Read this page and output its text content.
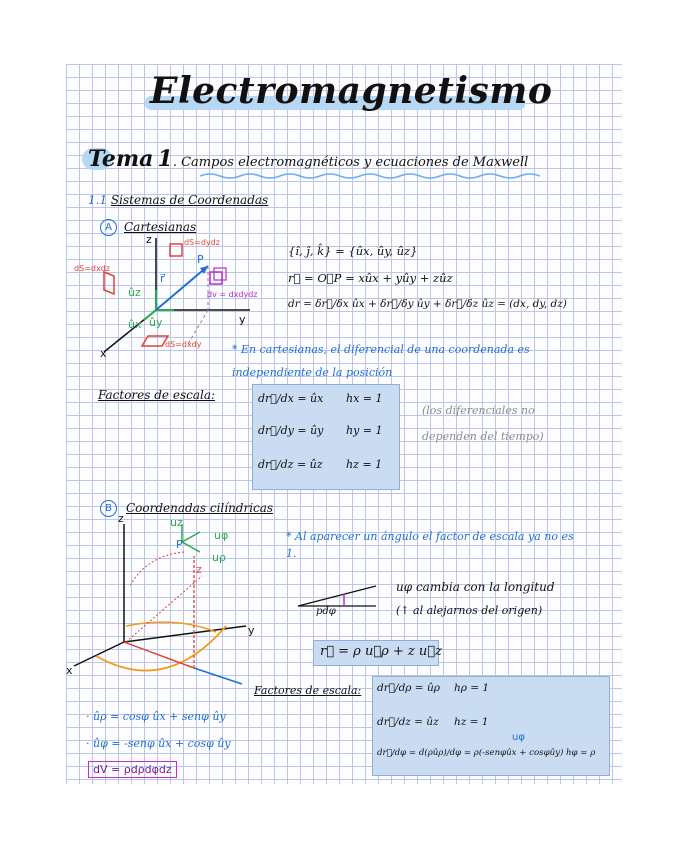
Electromagnetismo
Tema 1. Campos electromagnéticos y ecuaciones de Maxwell
1.1 Sistemas de Coordenadas
A	Cartesianas
z
y
x
ûz
ûy
ûx
r⃗
P
dS=dydz
dS=dxdz
dS=dxdy
dv = dxdydz
{î, ĵ, k̂} = {ûx, ûy, ûz}
r⃗ = O⃗P = xûx + yûy + zûz
dr = δr⃗/δx ûx + δr⃗/δy ûy + δr⃗/δz ûz = (dx, dy, dz)
* En cartesianas, el diferencial de una coordenada es independiente de la posición
Factores de escala:	dr⃗/dx = ûx hx = 1
dr⃗/dy = ûy hy = 1
dr⃗/dz = ûz hz = 1
(los diferenciales no dependen del tiempo)
B	Coordenadas cilíndricas
z
y
x
uz
uφ
uρ
P
z
* Al aparecer un ángulo el factor de escala ya no es 1.
pdφ
uφ cambia con la longitud
(↑ al alejarnos del origen)
r⃗ = ρ u⃗ρ + z u⃗z
Factores de escala: dr⃗/dρ = ûρ hρ = 1
dr⃗/dz = ûz hz = 1
uφ
dr⃗/dφ = d(ρûρ)/dφ = ρ(-senφûx + cosφûy) hφ = ρ
· ûρ = cosφ ûx + senφ ûy
· ûφ = -senφ ûx + cosφ ûy
dV = ρdρdφdz
